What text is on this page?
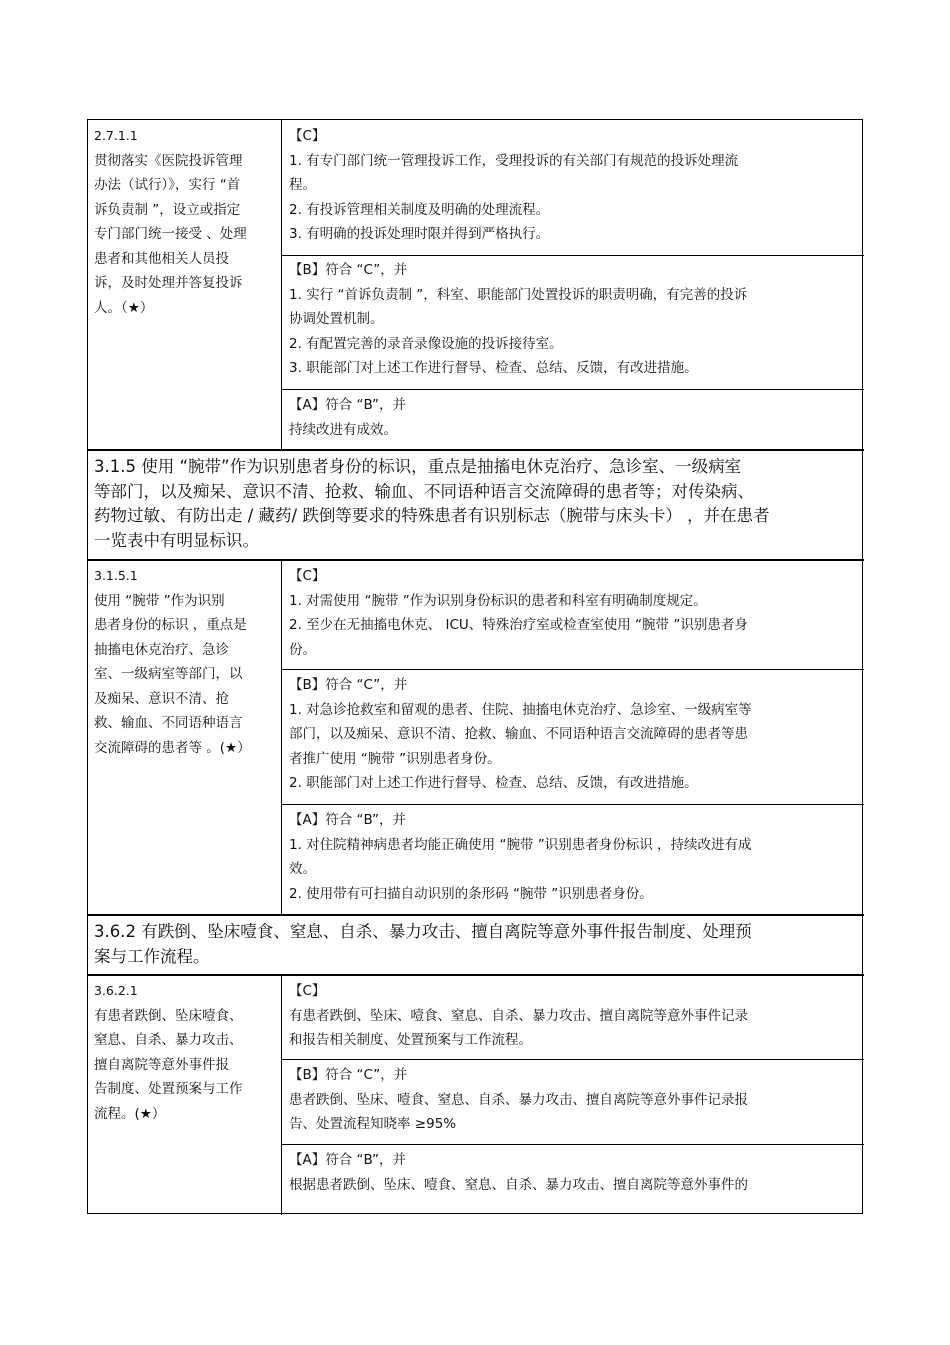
2.7.1.1
贯彻落实《医院投诉管理
办法（试行）》，实行 “首
诉负责制 ”，设立或指定
专门部门统一接受 、处理
患者和其他相关人员投
诉，及时处理并答复投诉
人。（★）
【C】
1. 有专门部门统一管理投诉工作，受理投诉的有关部门有规范的投诉处理流
程。
2. 有投诉管理相关制度及明确的处理流程。
3. 有明确的投诉处理时限并得到严格执行。
【B】符合 “C”，并
1. 实行 “首诉负责制 ”，科室、职能部门处置投诉的职责明确，有完善的投诉
协调处置机制。
2. 有配置完善的录音录像设施的投诉接待室。
3. 职能部门对上述工作进行督导、检查、总结、反馈，有改进措施。
【A】符合 “B”，并
持续改进有成效。
3.1.5 使用 “腕带”作为识别患者身份的标识，重点是抽搐电休克治疗、急诊室、一级病室
等部门，以及痴呆、意识不清、抢救、输血、不同语种语言交流障碍的患者等；对传染病、
药物过敏、有防出走 / 藏药/ 跌倒等要求的特殊患者有识别标志（腕带与床头卡） ，并在患者
一览表中有明显标识。
3.1.5.1
使用 “腕带 ”作为识别
患者身份的标识 ，重点是
抽搐电休克治疗、急诊
室、一级病室等部门，以
及痴呆、意识不清、抢
救、输血、不同语种语言
交流障碍的患者等 。(★）
【C】
1. 对需使用 “腕带 ”作为识别身份标识的患者和科室有明确制度规定。
2. 至少在无抽搐电休克、 ICU、特殊治疗室或检查室使用 “腕带 ”识别患者身
份。
【B】符合 “C”，并
1. 对急诊抢救室和留观的患者、住院、抽搐电休克治疗、急诊室、一级病室等
部门，以及痴呆、意识不清、抢救、输血、不同语种语言交流障碍的患者等患
者推广使用 “腕带 ”识别患者身份。
2. 职能部门对上述工作进行督导、检查、总结、反馈，有改进措施。
【A】符合 “B”，并
1. 对住院精神病患者均能正确使用 “腕带 ”识别患者身份标识 ，持续改进有成
效。
2. 使用带有可扫描自动识别的条形码 “腕带 ”识别患者身份。
3.6.2 有跌倒、坠床噎食、窒息、自杀、暴力攻击、擅自离院等意外事件报告制度、处理预
案与工作流程。
3.6.2.1
有患者跌倒、坠床噎食、
窒息、自杀、暴力攻击、
擅自离院等意外事件报
告制度、处置预案与工作
流程。(★）
【C】
有患者跌倒、坠床、噎食、窒息、自杀、暴力攻击、擅自离院等意外事件记录
和报告相关制度、处置预案与工作流程。
【B】符合 “C”，并
患者跌倒、坠床、噎食、窒息、自杀、暴力攻击、擅自离院等意外事件记录报
告、处置流程知晓率 ≥95%
【A】符合 “B”，并
根据患者跌倒、坠床、噎食、窒息、自杀、暴力攻击、擅自离院等意外事件的
